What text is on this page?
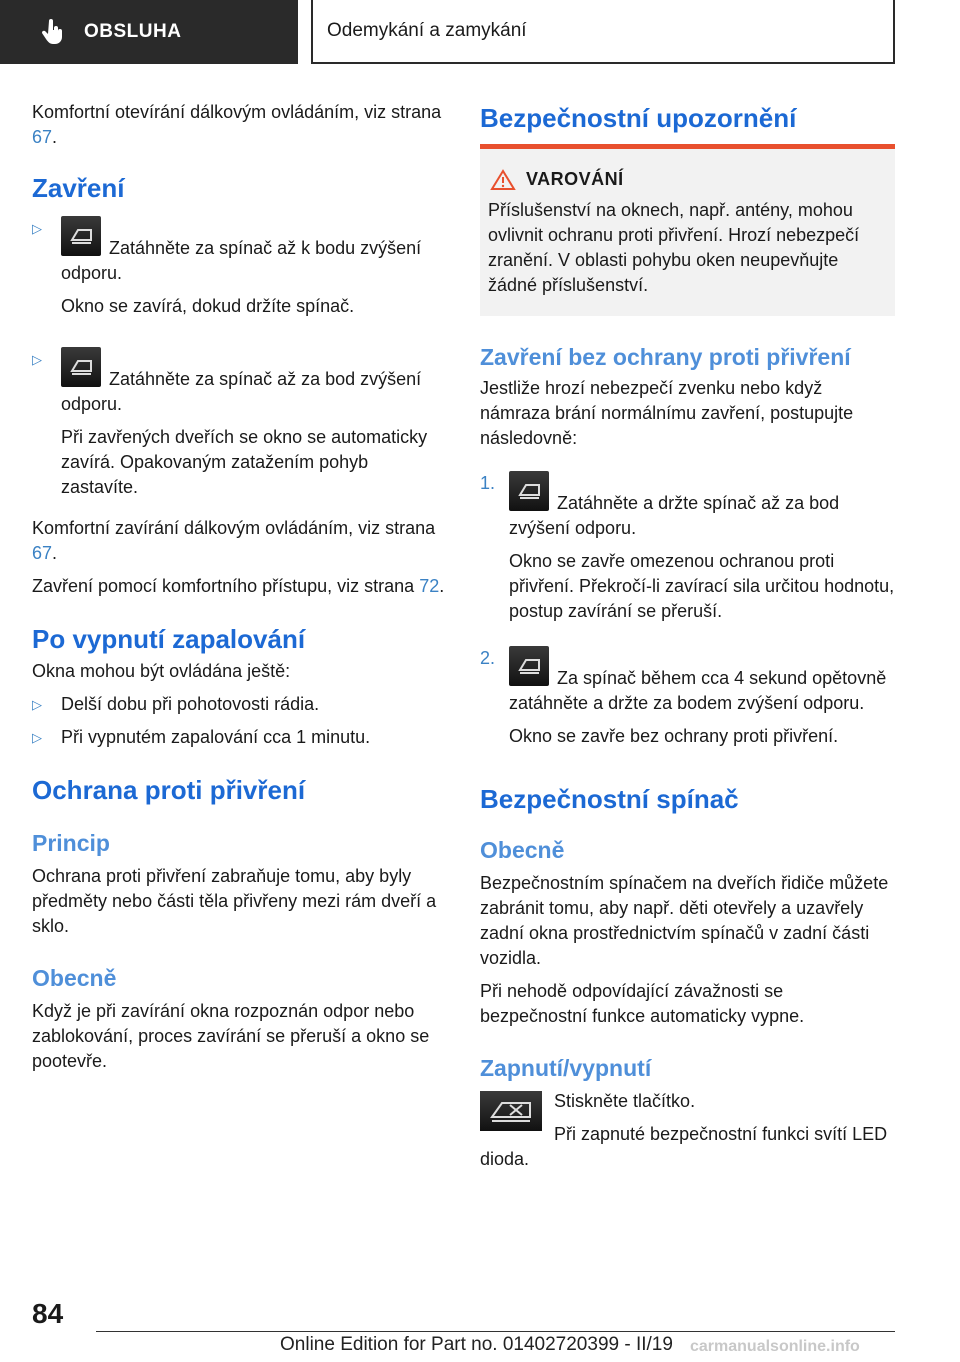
OBSLUHA	Odemykání a zamykání

Komfortní otevírání dálkovým ovládáním, viz strana 67.

Zavření
▷

Zatáhněte za spínač až k bodu zvýšení odporu.

Okno se zavírá, dokud držíte spínač.

▷

Zatáhněte za spínač až za bod zvýšení odporu.

Při zavřených dveřích se okno se automaticky zavírá. Opakovaným zatažením pohyb zastavíte.

Komfortní zavírání dálkovým ovládáním, viz strana 67.

Zavření pomocí komfortního přístupu, viz strana 72.

Po vypnutí zapalování

Okna mohou být ovládána ještě:

▷	Delší dobu při pohotovosti rádia.
▷	Při vypnutém zapalování cca 1 minutu.
Ochrana proti přivření
Princip

Ochrana proti přivření zabraňuje tomu, aby byly předměty nebo části těla přivřeny mezi rám dveří a sklo.

Obecně

Když je při zavírání okna rozpoznán odpor nebo zablokování, proces zavírání se přeruší a okno se pootevře.

Bezpečnostní upozornění
VAROVÁNÍ
Příslušenství na oknech, např. antény, mohou ovlivnit ochranu proti přivření. Hrozí nebezpečí zranění. V oblasti pohybu oken neupevňujte žádné příslušenství.
Zavření bez ochrany proti přivření

Jestliže hrozí nebezpečí zvenku nebo když námraza brání normálnímu zavření, postupujte následovně:

1.

Zatáhněte a držte spínač až za bod zvýšení odporu.

Okno se zavře omezenou ochranou proti přivření. Překročí-li zavírací sila určitou hodnotu, postup zavírání se přeruší.

2.

Za spínač během cca 4 sekund opětovně zatáhněte a držte za bodem zvýšení odporu.

Okno se zavře bez ochrany proti přivření.

Bezpečnostní spínač
Obecně

Bezpečnostním spínačem na dveřích řidiče můžete zabránit tomu, aby např. děti otevřely a uzavřely zadní okna prostřednictvím spínačů v zadní části vozidla.

Při nehodě odpovídající závažnosti se bezpečnostní funkce automaticky vypne.

Zapnutí/vypnutí

Stiskněte tlačítko.

Při zapnuté bezpečnostní funkci svítí LED dioda.

84
Online Edition for Part no. 01402720399 - II/19 carmanualsonline.info
